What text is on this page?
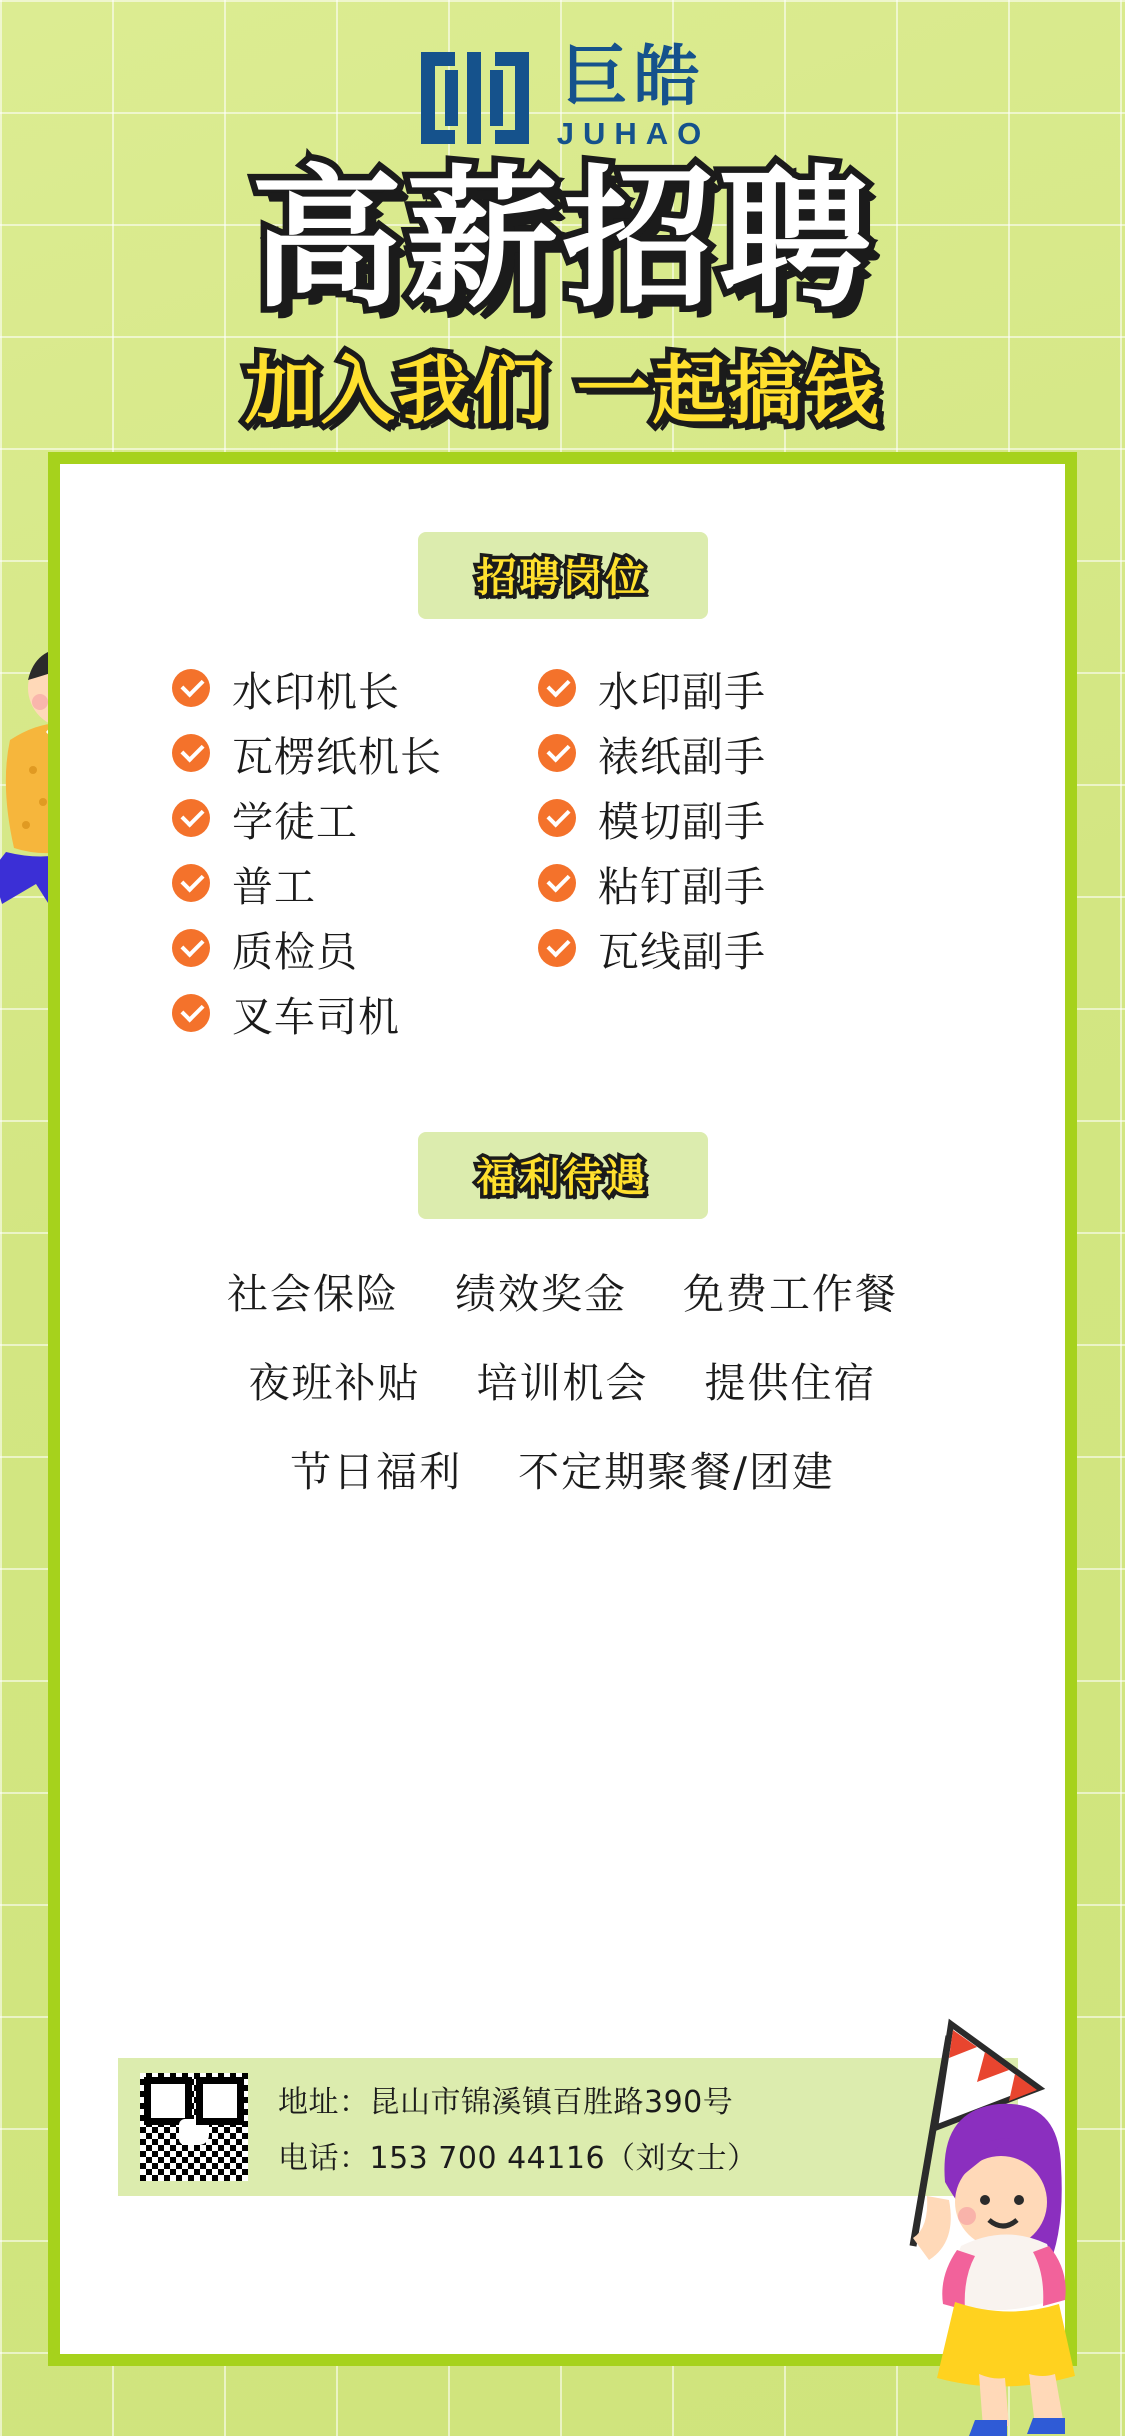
巨皓
JUHAO
高薪招聘
加入我们 一起搞钱
招聘岗位
水印机长	水印副手
瓦楞纸机长	裱纸副手
学徒工	模切副手
普工	粘钉副手
质检员	瓦线副手
叉车司机
福利待遇
社会保险 绩效奖金 免费工作餐
夜班补贴 培训机会 提供住宿
节日福利 不定期聚餐/团建
地址：昆山市锦溪镇百胜路390号
电话：153 700 44116（刘女士）
